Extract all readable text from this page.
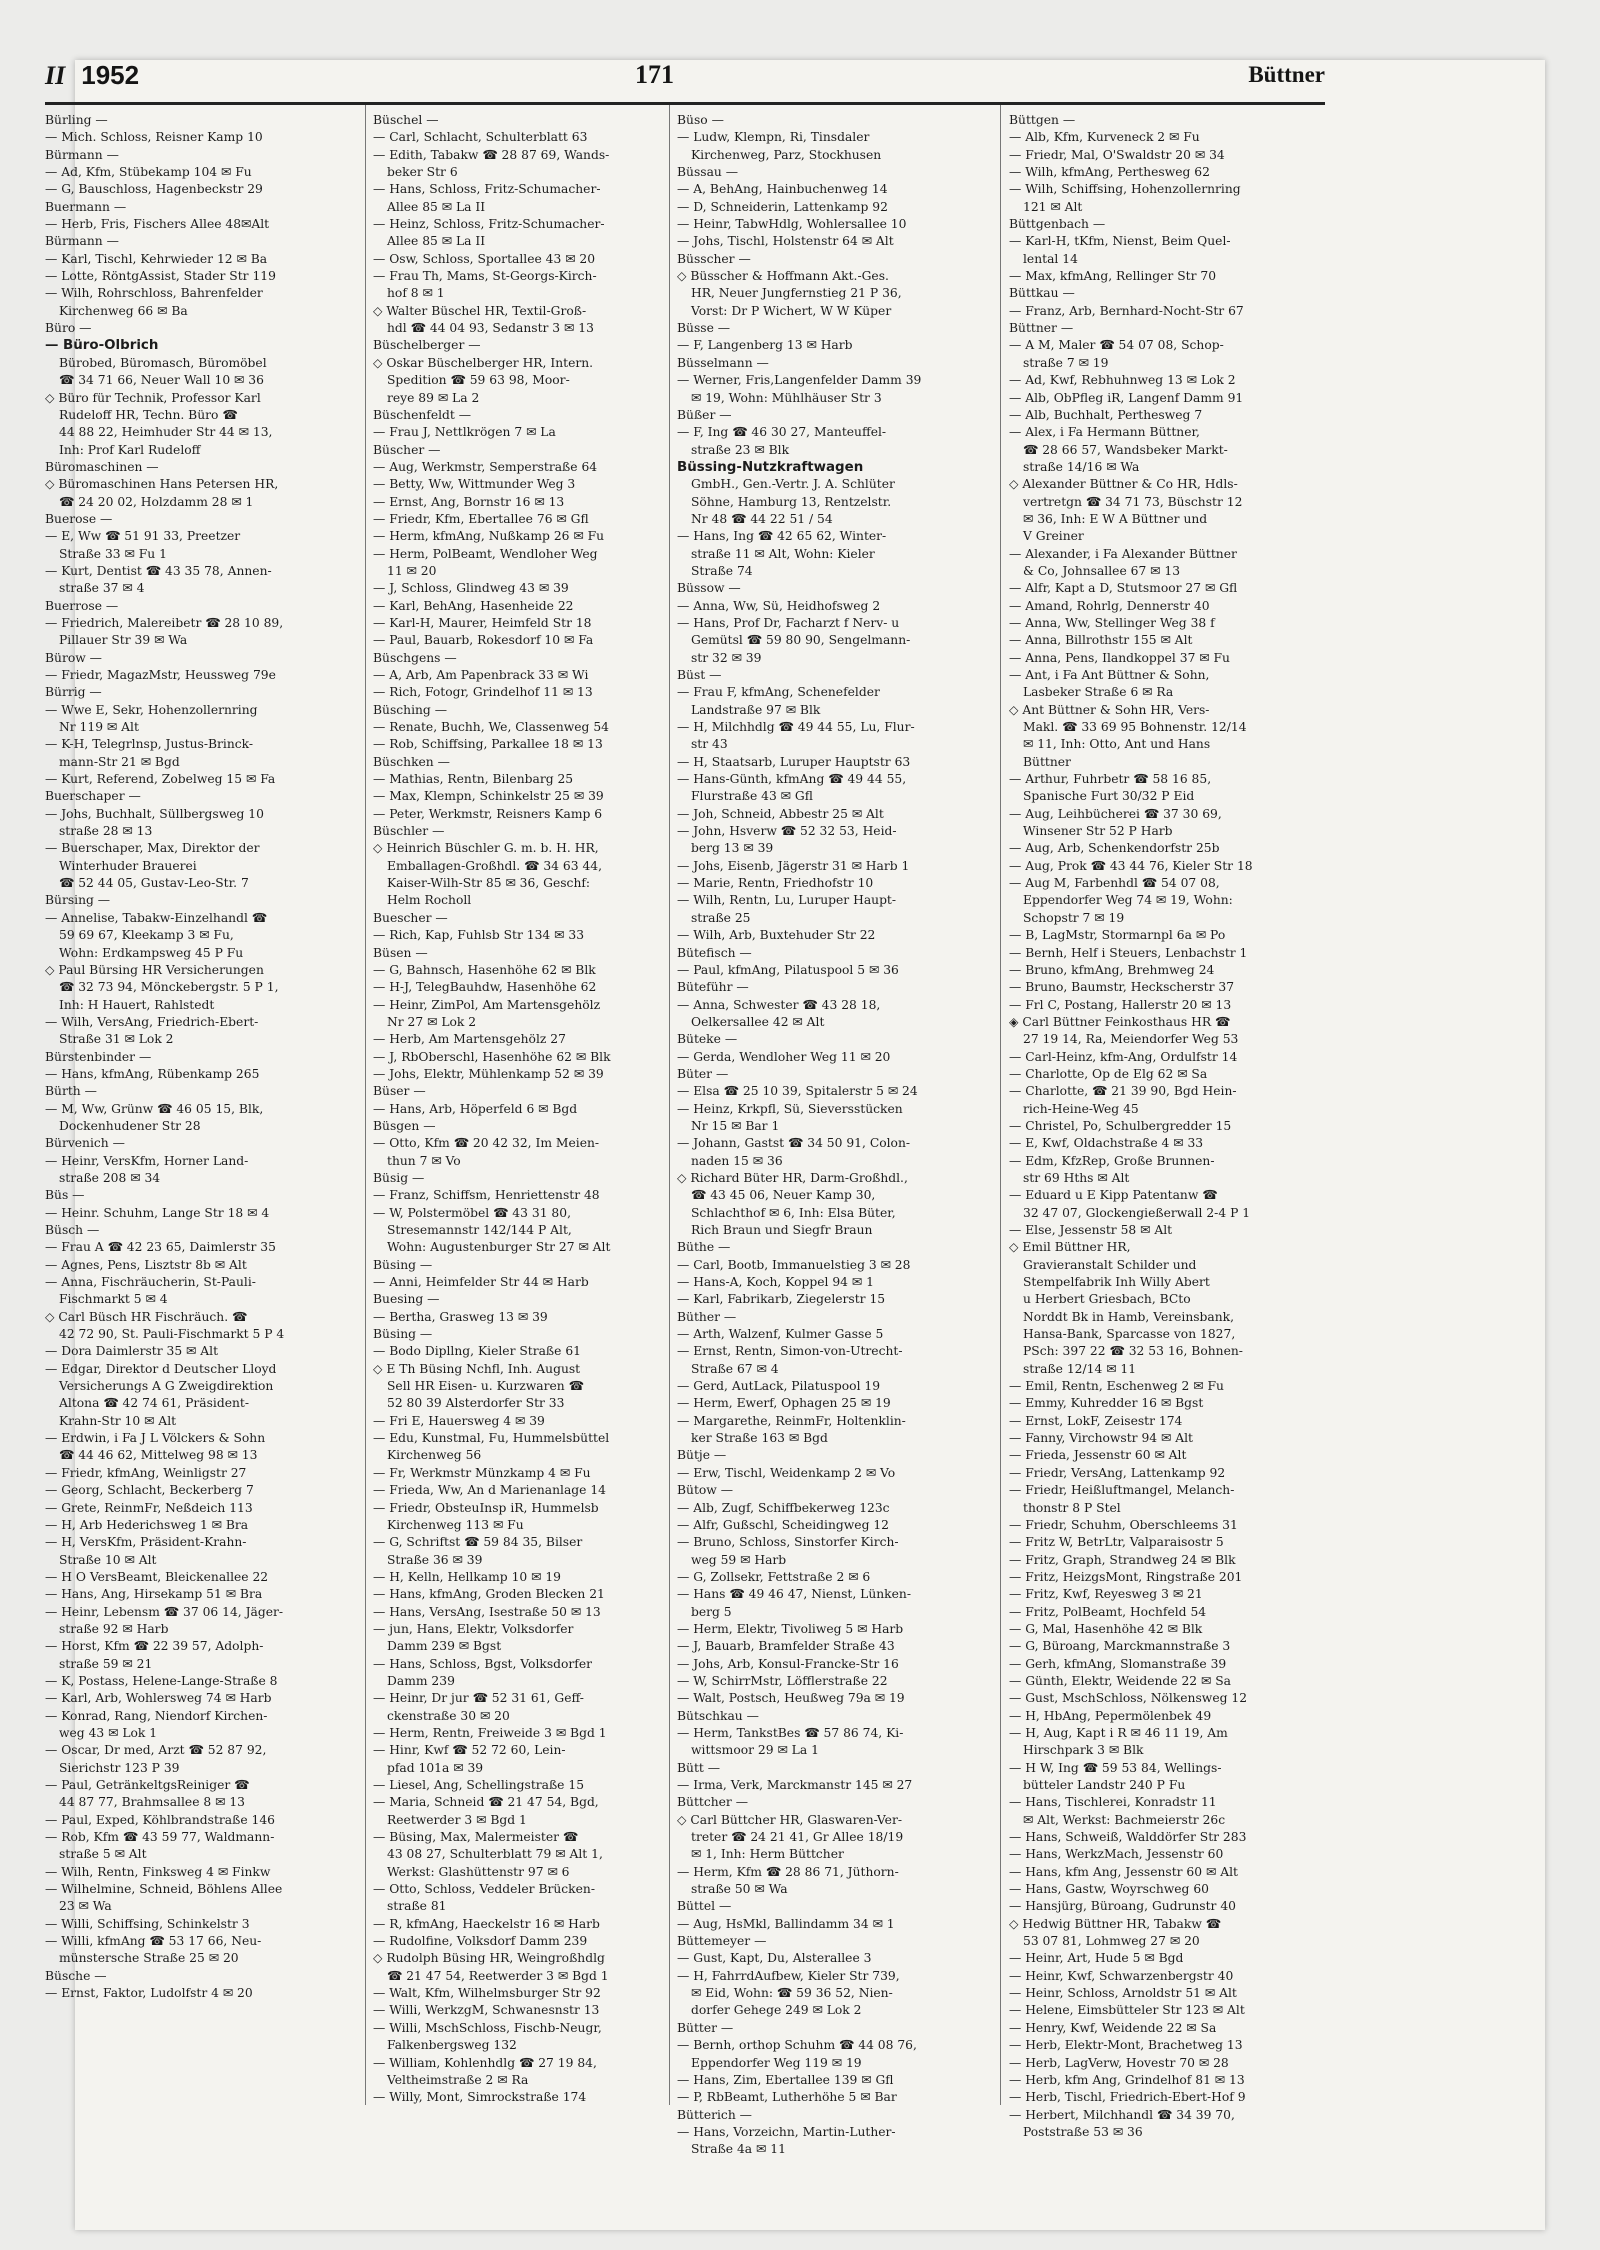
II 1952	171	Büttner
Bürling —
— Mich. Schloss, Reisner Kamp 10
Bürmann —
— Ad, Kfm, Stübekamp 104 ✉ Fu
— G, Bauschloss, Hagenbeckstr 29
Buermann —
— Herb, Fris, Fischers Allee 48✉Alt
Bürmann —
— Karl, Tischl, Kehrwieder 12 ✉ Ba
— Lotte, RöntgAssist, Stader Str 119
— Wilh, Rohrschloss, Bahrenfelder
Kirchenweg 66 ✉ Ba
Büro —
— Büro-Olbrich
Bürobed, Büromasch, Büromöbel
☎ 34 71 66, Neuer Wall 10 ✉ 36
◇ Büro für Technik, Professor Karl
Rudeloff HR, Techn. Büro ☎
44 88 22, Heimhuder Str 44 ✉ 13,
Inh: Prof Karl Rudeloff
Büromaschinen —
◇ Büromaschinen Hans Petersen HR,
☎ 24 20 02, Holzdamm 28 ✉ 1
Buerose —
— E, Ww ☎ 51 91 33, Preetzer
Straße 33 ✉ Fu 1
— Kurt, Dentist ☎ 43 35 78, Annen-
straße 37 ✉ 4
Buerrose —
— Friedrich, Malereibetr ☎ 28 10 89,
Pillauer Str 39 ✉ Wa
Bürow —
— Friedr, MagazMstr, Heussweg 79e
Bürrig —
— Wwe E, Sekr, Hohenzollernring
Nr 119 ✉ Alt
— K-H, Telegrlnsp, Justus-Brinck-
mann-Str 21 ✉ Bgd
— Kurt, Referend, Zobelweg 15 ✉ Fa
Buerschaper —
— Johs, Buchhalt, Süllbergsweg 10
straße 28 ✉ 13
— Buerschaper, Max, Direktor der
Winterhuder Brauerei
☎ 52 44 05, Gustav-Leo-Str. 7
Bürsing —
— Annelise, Tabakw-Einzelhandl ☎
59 69 67, Kleekamp 3 ✉ Fu,
Wohn: Erdkampsweg 45 P Fu
◇ Paul Bürsing HR Versicherungen
☎ 32 73 94, Mönckebergstr. 5 P 1,
Inh: H Hauert, Rahlstedt
— Wilh, VersAng, Friedrich-Ebert-
Straße 31 ✉ Lok 2
Bürstenbinder —
— Hans, kfmAng, Rübenkamp 265
Bürth —
— M, Ww, Grünw ☎ 46 05 15, Blk,
Dockenhudener Str 28
Bürvenich —
— Heinr, VersKfm, Horner Land-
straße 208 ✉ 34
Büs —
— Heinr. Schuhm, Lange Str 18 ✉ 4
Büsch —
— Frau A ☎ 42 23 65, Daimlerstr 35
— Agnes, Pens, Lisztstr 8b ✉ Alt
— Anna, Fischräucherin, St-Pauli-
Fischmarkt 5 ✉ 4
◇ Carl Büsch HR Fischräuch. ☎
42 72 90, St. Pauli-Fischmarkt 5 P 4
— Dora Daimlerstr 35 ✉ Alt
— Edgar, Direktor d Deutscher Lloyd
Versicherungs A G Zweigdirektion
Altona ☎ 42 74 61, Präsident-
Krahn-Str 10 ✉ Alt
— Erdwin, i Fa J L Völckers & Sohn
☎ 44 46 62, Mittelweg 98 ✉ 13
— Friedr, kfmAng, Weinligstr 27
— Georg, Schlacht, Beckerberg 7
— Grete, ReinmFr, Neßdeich 113
— H, Arb Hederichsweg 1 ✉ Bra
— H, VersKfm, Präsident-Krahn-
Straße 10 ✉ Alt
— H O VersBeamt, Bleickenallee 22
— Hans, Ang, Hirsekamp 51 ✉ Bra
— Heinr, Lebensm ☎ 37 06 14, Jäger-
straße 92 ✉ Harb
— Horst, Kfm ☎ 22 39 57, Adolph-
straße 59 ✉ 21
— K, Postass, Helene-Lange-Straße 8
— Karl, Arb, Wohlersweg 74 ✉ Harb
— Konrad, Rang, Niendorf Kirchen-
weg 43 ✉ Lok 1
— Oscar, Dr med, Arzt ☎ 52 87 92,
Sierichstr 123 P 39
— Paul, GetränkeltgsReiniger ☎
44 87 77, Brahmsallee 8 ✉ 13
— Paul, Exped, Köhlbrandstraße 146
— Rob, Kfm ☎ 43 59 77, Waldmann-
straße 5 ✉ Alt
— Wilh, Rentn, Finksweg 4 ✉ Finkw
— Wilhelmine, Schneid, Böhlens Allee
23 ✉ Wa
— Willi, Schiffsing, Schinkelstr 3
— Willi, kfmAng ☎ 53 17 66, Neu-
münstersche Straße 25 ✉ 20
Büsche —
— Ernst, Faktor, Ludolfstr 4 ✉ 20
Büschel —
— Carl, Schlacht, Schulterblatt 63
— Edith, Tabakw ☎ 28 87 69, Wands-
beker Str 6
— Hans, Schloss, Fritz-Schumacher-
Allee 85 ✉ La II
— Heinz, Schloss, Fritz-Schumacher-
Allee 85 ✉ La II
— Osw, Schloss, Sportallee 43 ✉ 20
— Frau Th, Mams, St-Georgs-Kirch-
hof 8 ✉ 1
◇ Walter Büschel HR, Textil-Groß-
hdl ☎ 44 04 93, Sedanstr 3 ✉ 13
Büschelberger —
◇ Oskar Büschelberger HR, Intern.
Spedition ☎ 59 63 98, Moor-
reye 89 ✉ La 2
Büschenfeldt —
— Frau J, Nettlkrögen 7 ✉ La
Büscher —
— Aug, Werkmstr, Semperstraße 64
— Betty, Ww, Wittmunder Weg 3
— Ernst, Ang, Bornstr 16 ✉ 13
— Friedr, Kfm, Ebertallee 76 ✉ Gfl
— Herm, kfmAng, Nußkamp 26 ✉ Fu
— Herm, PolBeamt, Wendloher Weg
11 ✉ 20
— J, Schloss, Glindweg 43 ✉ 39
— Karl, BehAng, Hasenheide 22
— Karl-H, Maurer, Heimfeld Str 18
— Paul, Bauarb, Rokesdorf 10 ✉ Fa
Büschgens —
— A, Arb, Am Papenbrack 33 ✉ Wi
— Rich, Fotogr, Grindelhof 11 ✉ 13
Büsching —
— Renate, Buchh, We, Classenweg 54
— Rob, Schiffsing, Parkallee 18 ✉ 13
Büschken —
— Mathias, Rentn, Bilenbarg 25
— Max, Klempn, Schinkelstr 25 ✉ 39
— Peter, Werkmstr, Reisners Kamp 6
Büschler —
◇ Heinrich Büschler G. m. b. H. HR,
Emballagen-Großhdl. ☎ 34 63 44,
Kaiser-Wilh-Str 85 ✉ 36, Geschf:
Helm Rocholl
Buescher —
— Rich, Kap, Fuhlsb Str 134 ✉ 33
Büsen —
— G, Bahnsch, Hasenhöhe 62 ✉ Blk
— H-J, TelegBauhdw, Hasenhöhe 62
— Heinr, ZimPol, Am Martensgehölz
Nr 27 ✉ Lok 2
— Herb, Am Martensgehölz 27
— J, RbOberschl, Hasenhöhe 62 ✉ Blk
— Johs, Elektr, Mühlenkamp 52 ✉ 39
Büser —
— Hans, Arb, Höperfeld 6 ✉ Bgd
Büsgen —
— Otto, Kfm ☎ 20 42 32, Im Meien-
thun 7 ✉ Vo
Büsig —
— Franz, Schiffsm, Henriettenstr 48
— W, Polstermöbel ☎ 43 31 80,
Stresemannstr 142/144 P Alt,
Wohn: Augustenburger Str 27 ✉ Alt
Büsing —
— Anni, Heimfelder Str 44 ✉ Harb
Buesing —
— Bertha, Grasweg 13 ✉ 39
Büsing —
— Bodo Dipllng, Kieler Straße 61
◇ E Th Büsing Nchfl, Inh. August
Sell HR Eisen- u. Kurzwaren ☎
52 80 39 Alsterdorfer Str 33
— Fri E, Hauersweg 4 ✉ 39
— Edu, Kunstmal, Fu, Hummelsbüttel
Kirchenweg 56
— Fr, Werkmstr Münzkamp 4 ✉ Fu
— Frieda, Ww, An d Marienanlage 14
— Friedr, ObsteuInsp iR, Hummelsb
Kirchenweg 113 ✉ Fu
— G, Schriftst ☎ 59 84 35, Bilser
Straße 36 ✉ 39
— H, Kelln, Hellkamp 10 ✉ 19
— Hans, kfmAng, Groden Blecken 21
— Hans, VersAng, Isestraße 50 ✉ 13
— jun, Hans, Elektr, Volksdorfer
Damm 239 ✉ Bgst
— Hans, Schloss, Bgst, Volksdorfer
Damm 239
— Heinr, Dr jur ☎ 52 31 61, Geff-
ckenstraße 30 ✉ 20
— Herm, Rentn, Freiweide 3 ✉ Bgd 1
— Hinr, Kwf ☎ 52 72 60, Lein-
pfad 101a ✉ 39
— Liesel, Ang, Schellingstraße 15
— Maria, Schneid ☎ 21 47 54, Bgd,
Reetwerder 3 ✉ Bgd 1
— Büsing, Max, Malermeister ☎
43 08 27, Schulterblatt 79 ✉ Alt 1,
Werkst: Glashüttenstr 97 ✉ 6
— Otto, Schloss, Veddeler Brücken-
straße 81
— R, kfmAng, Haeckelstr 16 ✉ Harb
— Rudolfine, Volksdorf Damm 239
◇ Rudolph Büsing HR, Weingroßhdlg
☎ 21 47 54, Reetwerder 3 ✉ Bgd 1
— Walt, Kfm, Wilhelmsburger Str 92
— Willi, WerkzgM, Schwanesnstr 13
— Willi, MschSchloss, Fischb-Neugr,
Falkenbergsweg 132
— William, Kohlenhdlg ☎ 27 19 84,
Veltheimstraße 2 ✉ Ra
— Willy, Mont, Simrockstraße 174
Büso —
— Ludw, Klempn, Ri, Tinsdaler
Kirchenweg, Parz, Stockhusen
Büssau —
— A, BehAng, Hainbuchenweg 14
— D, Schneiderin, Lattenkamp 92
— Heinr, TabwHdlg, Wohlersallee 10
— Johs, Tischl, Holstenstr 64 ✉ Alt
Büsscher —
◇ Büsscher & Hoffmann Akt.-Ges.
HR, Neuer Jungfernstieg 21 P 36,
Vorst: Dr P Wichert, W W Küper
Büsse —
— F, Langenberg 13 ✉ Harb
Büsselmann —
— Werner, Fris,Langenfelder Damm 39
✉ 19, Wohn: Mühlhäuser Str 3
Büßer —
— F, Ing ☎ 46 30 27, Manteuffel-
straße 23 ✉ Blk
Büssing-Nutzkraftwagen
GmbH., Gen.-Vertr. J. A. Schlüter
Söhne, Hamburg 13, Rentzelstr.
Nr 48 ☎ 44 22 51 / 54
— Hans, Ing ☎ 42 65 62, Winter-
straße 11 ✉ Alt, Wohn: Kieler
Straße 74
Büssow —
— Anna, Ww, Sü, Heidhofsweg 2
— Hans, Prof Dr, Facharzt f Nerv- u
Gemütsl ☎ 59 80 90, Sengelmann-
str 32 ✉ 39
Büst —
— Frau F, kfmAng, Schenefelder
Landstraße 97 ✉ Blk
— H, Milchhdlg ☎ 49 44 55, Lu, Flur-
str 43
— H, Staatsarb, Luruper Hauptstr 63
— Hans-Günth, kfmAng ☎ 49 44 55,
Flurstraße 43 ✉ Gfl
— Joh, Schneid, Abbestr 25 ✉ Alt
— John, Hsverw ☎ 52 32 53, Heid-
berg 13 ✉ 39
— Johs, Eisenb, Jägerstr 31 ✉ Harb 1
— Marie, Rentn, Friedhofstr 10
— Wilh, Rentn, Lu, Luruper Haupt-
straße 25
— Wilh, Arb, Buxtehuder Str 22
Bütefisch —
— Paul, kfmAng, Pilatuspool 5 ✉ 36
Büteführ —
— Anna, Schwester ☎ 43 28 18,
Oelkersallee 42 ✉ Alt
Büteke —
— Gerda, Wendloher Weg 11 ✉ 20
Büter —
— Elsa ☎ 25 10 39, Spitalerstr 5 ✉ 24
— Heinz, Krkpfl, Sü, Sieversstücken
Nr 15 ✉ Bar 1
— Johann, Gastst ☎ 34 50 91, Colon-
naden 15 ✉ 36
◇ Richard Büter HR, Darm-Großhdl.,
☎ 43 45 06, Neuer Kamp 30,
Schlachthof ✉ 6, Inh: Elsa Büter,
Rich Braun und Siegfr Braun
Büthe —
— Carl, Bootb, Immanuelstieg 3 ✉ 28
— Hans-A, Koch, Koppel 94 ✉ 1
— Karl, Fabrikarb, Ziegelerstr 15
Büther —
— Arth, Walzenf, Kulmer Gasse 5
— Ernst, Rentn, Simon-von-Utrecht-
Straße 67 ✉ 4
— Gerd, AutLack, Pilatuspool 19
— Herm, Ewerf, Ophagen 25 ✉ 19
— Margarethe, ReinmFr, Holtenklin-
ker Straße 163 ✉ Bgd
Bütje —
— Erw, Tischl, Weidenkamp 2 ✉ Vo
Bütow —
— Alb, Zugf, Schiffbekerweg 123c
— Alfr, Gußschl, Scheidingweg 12
— Bruno, Schloss, Sinstorfer Kirch-
weg 59 ✉ Harb
— G, Zollsekr, Fettstraße 2 ✉ 6
— Hans ☎ 49 46 47, Nienst, Lünken-
berg 5
— Herm, Elektr, Tivoliweg 5 ✉ Harb
— J, Bauarb, Bramfelder Straße 43
— Johs, Arb, Konsul-Francke-Str 16
— W, SchirrMstr, Löfflerstraße 22
— Walt, Postsch, Heußweg 79a ✉ 19
Bütschkau —
— Herm, TankstBes ☎ 57 86 74, Ki-
wittsmoor 29 ✉ La 1
Bütt —
— Irma, Verk, Marckmanstr 145 ✉ 27
Büttcher —
◇ Carl Büttcher HR, Glaswaren-Ver-
treter ☎ 24 21 41, Gr Allee 18/19
✉ 1, Inh: Herm Büttcher
— Herm, Kfm ☎ 28 86 71, Jüthorn-
straße 50 ✉ Wa
Büttel —
— Aug, HsMkl, Ballindamm 34 ✉ 1
Büttemeyer —
— Gust, Kapt, Du, Alsterallee 3
— H, FahrrdAufbew, Kieler Str 739,
✉ Eid, Wohn: ☎ 59 36 52, Nien-
dorfer Gehege 249 ✉ Lok 2
Bütter —
— Bernh, orthop Schuhm ☎ 44 08 76,
Eppendorfer Weg 119 ✉ 19
— Hans, Zim, Ebertallee 139 ✉ Gfl
— P, RbBeamt, Lutherhöhe 5 ✉ Bar
Bütterich —
— Hans, Vorzeichn, Martin-Luther-
Straße 4a ✉ 11
Büttgen —
— Alb, Kfm, Kurveneck 2 ✉ Fu
— Friedr, Mal, O'Swaldstr 20 ✉ 34
— Wilh, kfmAng, Perthesweg 62
— Wilh, Schiffsing, Hohenzollernring
121 ✉ Alt
Büttgenbach —
— Karl-H, tKfm, Nienst, Beim Quel-
lental 14
— Max, kfmAng, Rellinger Str 70
Büttkau —
— Franz, Arb, Bernhard-Nocht-Str 67
Büttner —
— A M, Maler ☎ 54 07 08, Schop-
straße 7 ✉ 19
— Ad, Kwf, Rebhuhnweg 13 ✉ Lok 2
— Alb, ObPfleg iR, Langenf Damm 91
— Alb, Buchhalt, Perthesweg 7
— Alex, i Fa Hermann Büttner,
☎ 28 66 57, Wandsbeker Markt-
straße 14/16 ✉ Wa
◇ Alexander Büttner & Co HR, Hdls-
vertretgn ☎ 34 71 73, Büschstr 12
✉ 36, Inh: E W A Büttner und
V Greiner
— Alexander, i Fa Alexander Büttner
& Co, Johnsallee 67 ✉ 13
— Alfr, Kapt a D, Stutsmoor 27 ✉ Gfl
— Amand, Rohrlg, Dennerstr 40
— Anna, Ww, Stellinger Weg 38 f
— Anna, Billrothstr 155 ✉ Alt
— Anna, Pens, Ilandkoppel 37 ✉ Fu
— Ant, i Fa Ant Büttner & Sohn,
Lasbeker Straße 6 ✉ Ra
◇ Ant Büttner & Sohn HR, Vers-
Makl. ☎ 33 69 95 Bohnenstr. 12/14
✉ 11, Inh: Otto, Ant und Hans
Büttner
— Arthur, Fuhrbetr ☎ 58 16 85,
Spanische Furt 30/32 P Eid
— Aug, Leihbücherei ☎ 37 30 69,
Winsener Str 52 P Harb
— Aug, Arb, Schenkendorfstr 25b
— Aug, Prok ☎ 43 44 76, Kieler Str 18
— Aug M, Farbenhdl ☎ 54 07 08,
Eppendorfer Weg 74 ✉ 19, Wohn:
Schopstr 7 ✉ 19
— B, LagMstr, Stormarnpl 6a ✉ Po
— Bernh, Helf i Steuers, Lenbachstr 1
— Bruno, kfmAng, Brehmweg 24
— Bruno, Baumstr, Heckscherstr 37
— Frl C, Postang, Hallerstr 20 ✉ 13
◈ Carl Büttner Feinkosthaus HR ☎
27 19 14, Ra, Meiendorfer Weg 53
— Carl-Heinz, kfm-Ang, Ordulfstr 14
— Charlotte, Op de Elg 62 ✉ Sa
— Charlotte, ☎ 21 39 90, Bgd Hein-
rich-Heine-Weg 45
— Christel, Po, Schulbergredder 15
— E, Kwf, Oldachstraße 4 ✉ 33
— Edm, KfzRep, Große Brunnen-
str 69 Hths ✉ Alt
— Eduard u E Kipp Patentanw ☎
32 47 07, Glockengießerwall 2-4 P 1
— Else, Jessenstr 58 ✉ Alt
◇ Emil Büttner HR,
Gravieranstalt Schilder und
Stempelfabrik Inh Willy Abert
u Herbert Griesbach, BCto
Norddt Bk in Hamb, Vereinsbank,
Hansa-Bank, Sparcasse von 1827,
PSch: 397 22 ☎ 32 53 16, Bohnen-
straße 12/14 ✉ 11
— Emil, Rentn, Eschenweg 2 ✉ Fu
— Emmy, Kuhredder 16 ✉ Bgst
— Ernst, LokF, Zeisestr 174
— Fanny, Virchowstr 94 ✉ Alt
— Frieda, Jessenstr 60 ✉ Alt
— Friedr, VersAng, Lattenkamp 92
— Friedr, Heißluftmangel, Melanch-
thonstr 8 P Stel
— Friedr, Schuhm, Oberschleems 31
— Fritz W, BetrLtr, Valparaisostr 5
— Fritz, Graph, Strandweg 24 ✉ Blk
— Fritz, HeizgsMont, Ringstraße 201
— Fritz, Kwf, Reyesweg 3 ✉ 21
— Fritz, PolBeamt, Hochfeld 54
— G, Mal, Hasenhöhe 42 ✉ Blk
— G, Büroang, Marckmannstraße 3
— Gerh, kfmAng, Slomanstraße 39
— Günth, Elektr, Weidende 22 ✉ Sa
— Gust, MschSchloss, Nölkensweg 12
— H, HbAng, Pepermölenbek 49
— H, Aug, Kapt i R ✉ 46 11 19, Am
Hirschpark 3 ✉ Blk
— H W, Ing ☎ 59 53 84, Wellings-
bütteler Landstr 240 P Fu
— Hans, Tischlerei, Konradstr 11
✉ Alt, Werkst: Bachmeierstr 26c
— Hans, Schweiß, Walddörfer Str 283
— Hans, WerkzMach, Jessenstr 60
— Hans, kfm Ang, Jessenstr 60 ✉ Alt
— Hans, Gastw, Woyrschweg 60
— Hansjürg, Büroang, Gudrunstr 40
◇ Hedwig Büttner HR, Tabakw ☎
53 07 81, Lohmweg 27 ✉ 20
— Heinr, Art, Hude 5 ✉ Bgd
— Heinr, Kwf, Schwarzenbergstr 40
— Heinr, Schloss, Arnoldstr 51 ✉ Alt
— Helene, Eimsbütteler Str 123 ✉ Alt
— Henry, Kwf, Weidende 22 ✉ Sa
— Herb, Elektr-Mont, Brachetweg 13
— Herb, LagVerw, Hovestr 70 ✉ 28
— Herb, kfm Ang, Grindelhof 81 ✉ 13
— Herb, Tischl, Friedrich-Ebert-Hof 9
— Herbert, Milchhandl ☎ 34 39 70,
Poststraße 53 ✉ 36
